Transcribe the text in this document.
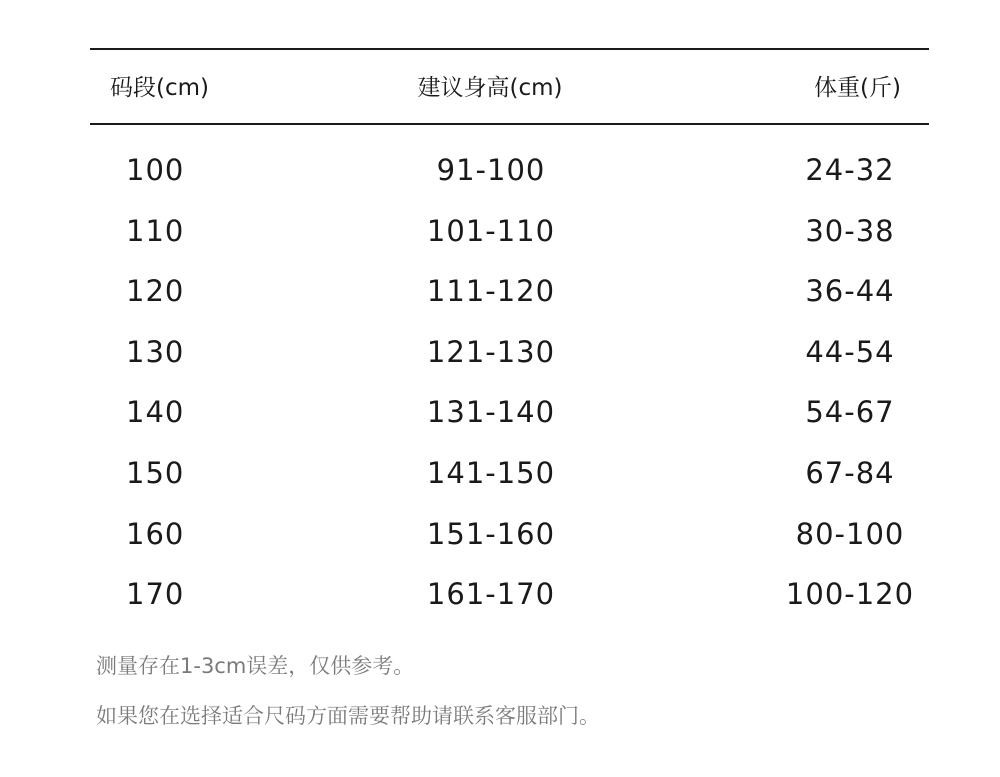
码段(cm)	建议身高(cm)	体重(斤)
100	91-100	24-32
110	101-110	30-38
120	111-120	36-44
130	121-130	44-54
140	131-140	54-67
150	141-150	67-84
160	151-160	80-100
170	161-170	100-120
测量存在1-3cm误差，仅供参考。
如果您在选择适合尺码方面需要帮助请联系客服部门。
